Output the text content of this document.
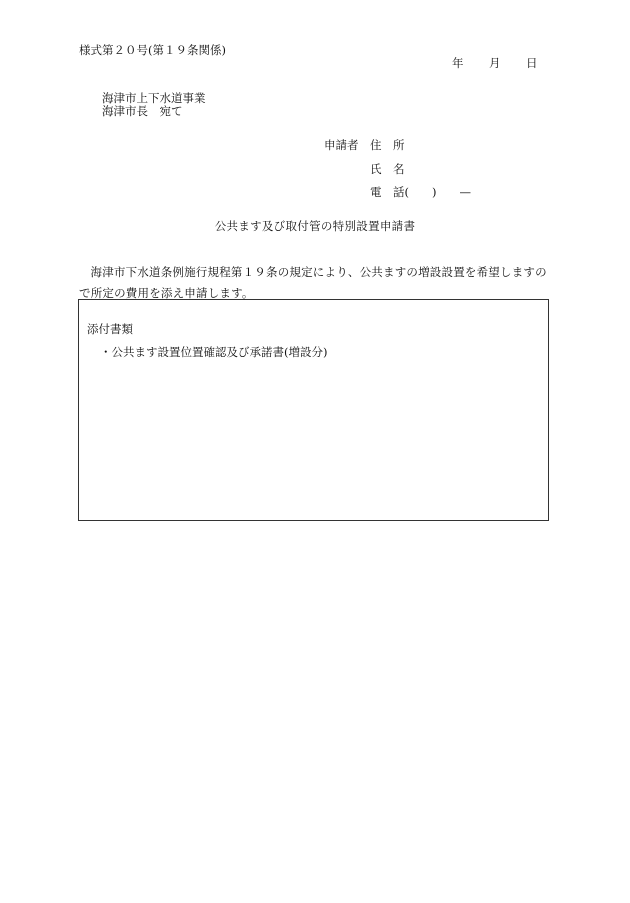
様式第２０号(第１９条関係)
年 月 日
海津市上下水道事業
海津市長　宛て
申請者 住　所
氏　名
電　話(　　)　　—
公共ます及び取付管の特別設置申請書
海津市下水道条例施行規程第１９条の規定により、公共ますの増設設置を希望しますので所定の費用を添え申請します。
添付書類
・公共ます設置位置確認及び承諾書(増設分)
